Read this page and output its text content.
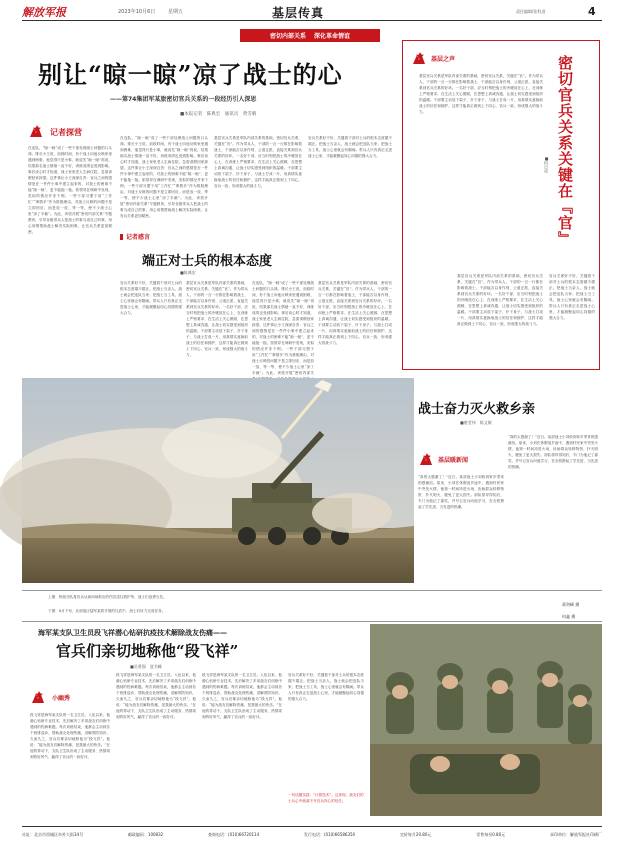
解放军报	2023年10月6日	星期五	基层传真	责任编辑/张科进	4
密切内部关系 深化革命情谊
别让“晾一晾”凉了战士的心
——第74集团军某旅密切官兵关系的一段经历引人深思
■本报记者　陈典宏　通讯员　黄雪晴
记者探营
在连队，“晾一晾”成了一些干部处理战士问题的口头禅。排长小王说，前段时间，有个战士向他反映家里遇到困难，他觉得只是小事，就说先“晾一晾”再说，结果那名战士情绪一直不好，训练成绩也受到影响。事后谈心时才知道，战士家里老人生病住院，急需请假回家探望。这件事让小王深深自责：官兵之间的感情是在一件件小事中建立起来的，对战士的困难不能“晾一晾”，更不能拖一拖。旅领导在调研中发现，类似的情况并非个例。一些干部习惯于用“工作忙”“事情多”作为推脱理由，对战士反映的问题不是立即回应，而是放一放、等一等，使不少战士心里“凉了半截”。为此，该旅开展“密切内部关系”专题教育，引导各级带兵人把战士的事当成自己的事，用心用情帮助战士解决实际困难，让官兵关系更加紧密。
在连队，“晾一晾”成了一些干部处理战士问题的口头禅。排长小王说，前段时间，有个战士向他反映家里遇到困难，他觉得只是小事，就说先“晾一晾”再说，结果那名战士情绪一直不好，训练成绩也受到影响。事后谈心时才知道，战士家里老人生病住院，急需请假回家探望。这件事让小王深深自责：官兵之间的感情是在一件件小事中建立起来的，对战士的困难不能“晾一晾”，更不能拖一拖。旅领导在调研中发现，类似的情况并非个例。一些干部习惯于用“工作忙”“事情多”作为推脱理由，对战士反映的问题不是立即回应，而是放一放、等一等，使不少战士心里“凉了半截”。为此，该旅开展“密切内部关系”专题教育，引导各级带兵人把战士的事当成自己的事，用心用情帮助战士解决实际困难，让官兵关系更加紧密。
基层官兵关系是军队内部关系的基础，密切官兵关系，关键在“官”。作为带兵人，干部的一言一行都在影响着战士，干部能否以身作则、公道正派，直接关系到官兵关系的好坏。一名好干部，应当时刻把战士的冷暖放在心上，在训练上严格要求、在生活上关心照顾，在思想上真诚沟通，让战士切实感受到组织的温暖。干部要主动放下架子、扑下身子，与战士打成一片，用真情实意换取战士的信任和拥护，这样才能真正做到上下同心、官兵一致，形成强大的战斗力。
官兵关系好不好，关键看干部对士兵的根本态度端不端正。把战士当亲人，战士就会把连队当家；把战士当工具，战士心里就会有隔阂。带兵人只有真正走进战士心里，才能凝聚起同心同德的强大合力。
记者感言
端正对士兵的根本态度
■陈典宏
官兵关系好不好，关键看干部对士兵的根本态度端不端正。把战士当亲人，战士就会把连队当家；把战士当工具，战士心里就会有隔阂。带兵人只有真正走进战士心里，才能凝聚起同心同德的强大合力。
基层官兵关系是军队内部关系的基础，密切官兵关系，关键在“官”。作为带兵人，干部的一言一行都在影响着战士，干部能否以身作则、公道正派，直接关系到官兵关系的好坏。一名好干部，应当时刻把战士的冷暖放在心上，在训练上严格要求、在生活上关心照顾，在思想上真诚沟通，让战士切实感受到组织的温暖。干部要主动放下架子、扑下身子，与战士打成一片，用真情实意换取战士的信任和拥护，这样才能真正做到上下同心、官兵一致，形成强大的战斗力。
在连队，“晾一晾”成了一些干部处理战士问题的口头禅。排长小王说，前段时间，有个战士向他反映家里遇到困难，他觉得只是小事，就说先“晾一晾”再说，结果那名战士情绪一直不好，训练成绩也受到影响。事后谈心时才知道，战士家里老人生病住院，急需请假回家探望。这件事让小王深深自责：官兵之间的感情是在一件件小事中建立起来的，对战士的困难不能“晾一晾”，更不能拖一拖。旅领导在调研中发现，类似的情况并非个例。一些干部习惯于用“工作忙”“事情多”作为推脱理由，对战士反映的问题不是立即回应，而是放一放、等一等，使不少战士心里“凉了半截”。为此，该旅开展“密切内部关
基层官兵关系是军队内部关系的基础，密切官兵关系，关键在“官”。作为带兵人，干部的一言一行都在影响着战士，干部能否以身作则、公道正派，直接关系到官兵关系的好坏。一名好干部，应当时刻把战士的冷暖放在心上，在训练上严格要求、在生活上关心照顾，在思想上真诚沟通，让战士切实感受到组织的温暖。干部要主动放下架子、扑下身子，与战士打成一片，用真情实意换取战士的信任和拥护，这样才能真正做到上下同心、官兵一致，形成强大的战斗力。
基层之声
基层官兵关系是军队内部关系的基础，密切官兵关系，关键在“官”。作为带兵人，干部的一言一行都在影响着战士，干部能否以身作则、公道正派，直接关系到官兵关系的好坏。一名好干部，应当时刻把战士的冷暖放在心上，在训练上严格要求、在生活上关心照顾，在思想上真诚沟通，让战士切实感受到组织的温暖。干部要主动放下架子、扑下身子，与战士打成一片，用真情实意换取战士的信任和拥护，这样才能真正做到上下同心、官兵一致，形成强大的战斗力。
基层官兵关系是军队内部关系的基础，密切官兵关系，关键在“官”。作为带兵人，干部的一言一行都在影响着战士，干部能否以身作则、公道正派，直接关系到官兵关系的好坏。一名好干部，应当时刻把战士的冷暖放在心上，在训练上严格要求、在生活上关心照顾，在思想上真诚沟通，让战士切实感受到组织的温暖。干部要主动放下架子、扑下身子，与战士打成一片，用真情实意换取战士的信任和拥护，这样才能真正做到上下同心、官兵一致，形成强大的战斗力。
官兵关系好不好，关键看干部对士兵的根本态度端不端正。把战士当亲人，战士就会把连队当家；把战士当工具，战士心里就会有隔阂。带兵人只有真正走进战士心里，才能凝聚起同心同德的强大合力。
密切官兵关系关键在『官』
■何日成
战士奋力灭火救乡亲
■唐莹伟　陈文敏
基层暖新闻
“真的太感谢了！”近日，某部战士小刘收到家乡寄来的感谢信。原来，小刘在休假返乡途中，遇到村民家中突发火情，他第一时间冲进火场，协助群众转移物资、扑灭明火，避免了更大损失。部队领导得知后，专门为他记了嘉奖，并号召官兵向他学习，在全旅掀起了学先进、当先进的热潮。
“真的太感谢了！”近日，某部战士小刘收到家乡寄来的感谢信。原来，小刘在休假返乡途中，遇到村民家中突发火情，他第一时间冲进火场，协助群众转移物资、扑灭明火，避免了更大损失。部队领导得知后，专门为他记了嘉奖，并号召官兵向他学习，在全旅掀起了学先进、当先进的热潮。
上图：特战分队将官兵从演训场救出的伤员送往救护所，战士们奋勇当先。
蒋剑峰 摄
下图：8月下旬，北部战区陆军某旅开展的比武中，战士们协力完成任务。
何鑫 摄
海军某支队卫生员段飞祥潜心钻研抗疫技术解除战友伤痛——
官兵们亲切地称他“段飞祥”
■吴勇强　聂书峰
小幽秀
段飞祥是海军某支队的一名卫生员。入伍以来，他潜心钻研专业技术，先后解决了多项战友们训练中遇到的伤病难题。每次训练结束，他都会主动到各个班排巡诊，帮助战友处理伤痛，讲解预防知识。久而久之，官兵们都亲切地称他为“段飞祥”。他说：“能为战友们解除伤痛，是我最大的快乐。”在他的带动下，支队卫生队形成了主动服务、热情周到的好风气，赢得了官兵的一致好评。
段飞祥是海军某支队的一名卫生员。入伍以来，他潜心钻研专业技术，先后解决了多项战友们训练中遇到的伤病难题。每次训练结束，他都会主动到各个班排巡诊，帮助战友处理伤痛，讲解预防知识。久而久之，官兵们都亲切地称他为“段飞祥”。他说：“能为战友们解除伤痛，是我最大的快乐。”在他的带动下，支队卫生队形成了主动服务、热情周到的好风气，赢得了官兵的一致好评。
段飞祥是海军某支队的一名卫生员。入伍以来，他潜心钻研专业技术，先后解决了多项战友们训练中遇到的伤病难题。每次训练结束，他都会主动到各个班排巡诊，帮助战友处理伤痛，讲解预防知识。久而久之，官兵们都亲切地称他为“段飞祥”。他说：“能为战友们解除伤痛，是我最大的快乐。”在他的带动下，支队卫生队形成了主动服务、热情周到的好风气，赢得了官兵的一致好评。
官兵关系好不好，关键看干部对士兵的根本态度端不端正。把战士当亲人，战士就会把连队当家；把战士当工具，战士心里就会有隔阂。带兵人只有真正走进战士心里，才能凝聚起同心同德的强大合力。
一句话题实践：“计算技术”。这体现，战友们的士兵心中就离不开官兵内心的信任。
社址：北京市西城区阜外大街34号	邮政编码：100832	查询电话：(010)66720114	发行电话：(010)66586350	定价每月20.80元	零售每份0.80元	承印单位：解放军报社印刷厂
